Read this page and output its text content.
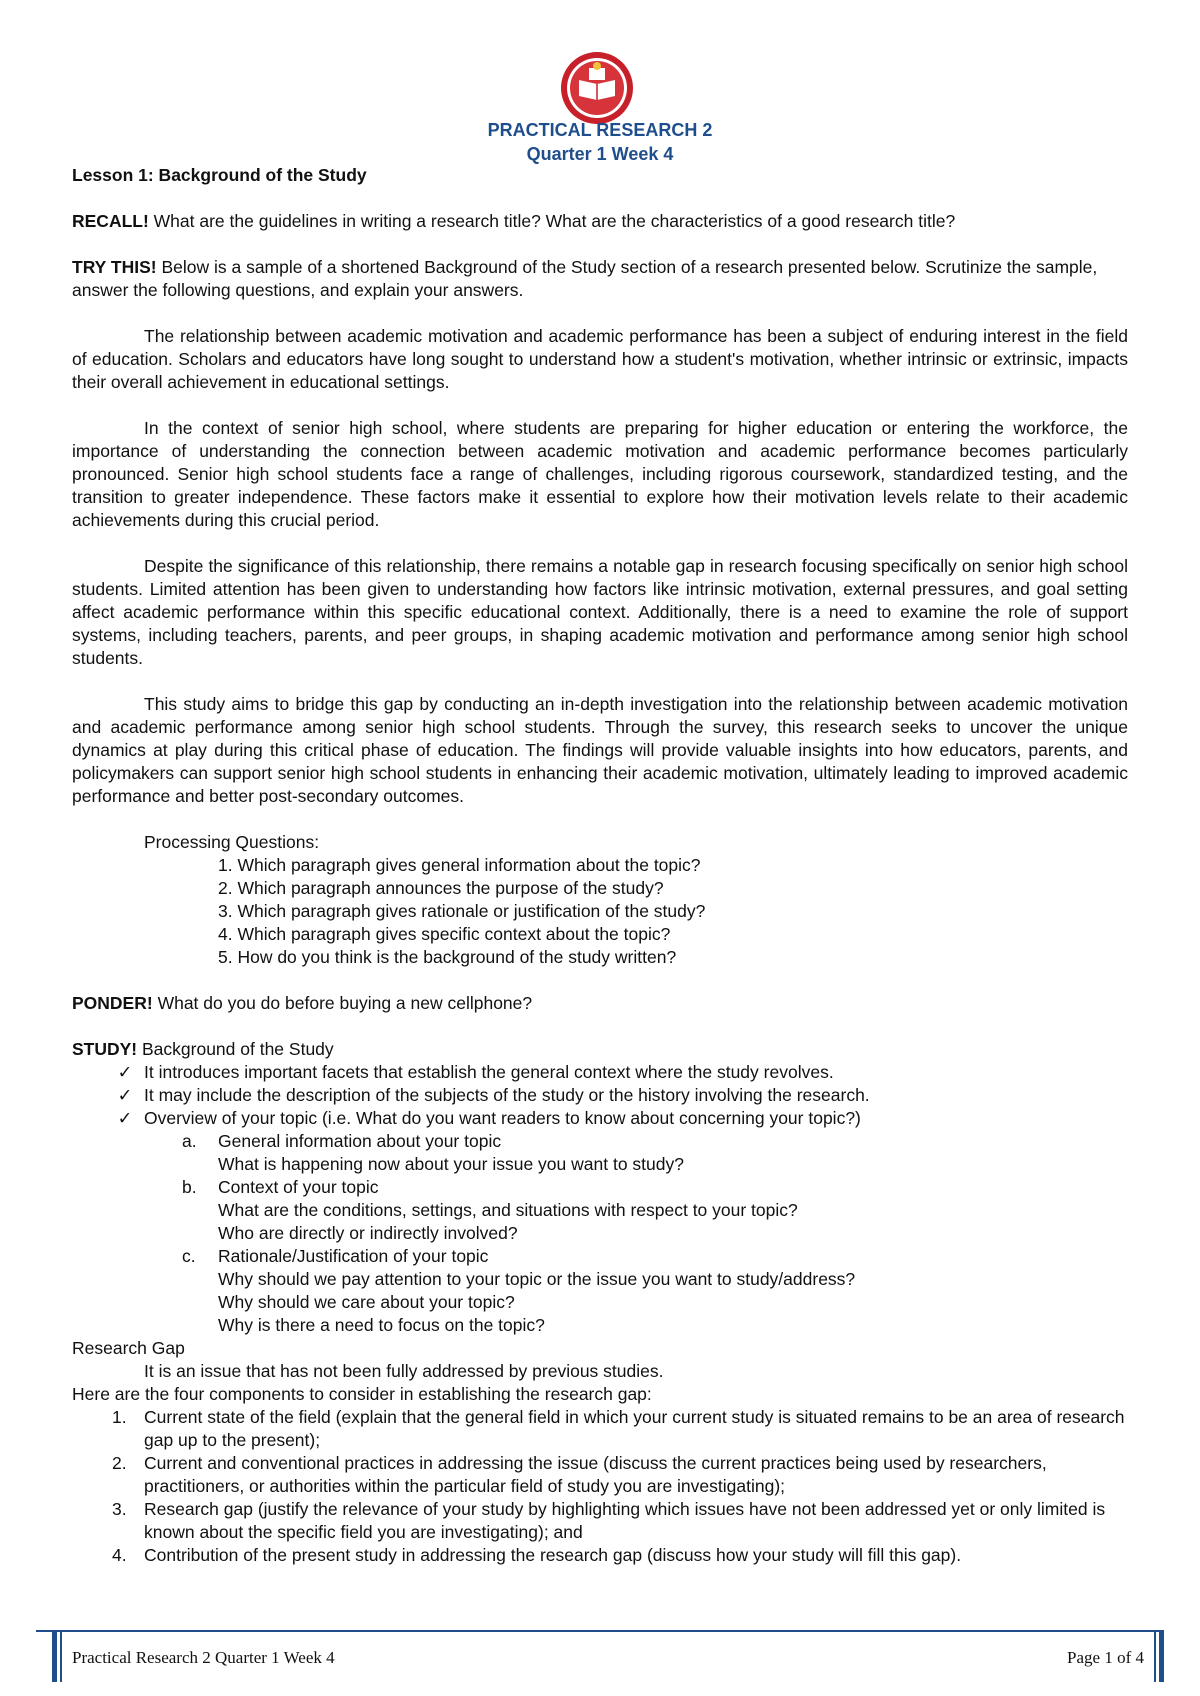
PRACTICAL RESEARCH 2
Quarter 1 Week 4

Lesson 1: Background of the Study

RECALL! What are the guidelines in writing a research title? What are the characteristics of a good research title?

TRY THIS! Below is a sample of a shortened Background of the Study section of a research presented below. Scrutinize the sample, answer the following questions, and explain your answers.

The relationship between academic motivation and academic performance has been a subject of enduring interest in the field of education. Scholars and educators have long sought to understand how a student's motivation, whether intrinsic or extrinsic, impacts their overall achievement in educational settings.

In the context of senior high school, where students are preparing for higher education or entering the workforce, the importance of understanding the connection between academic motivation and academic performance becomes particularly pronounced. Senior high school students face a range of challenges, including rigorous coursework, standardized testing, and the transition to greater independence. These factors make it essential to explore how their motivation levels relate to their academic achievements during this crucial period.

Despite the significance of this relationship, there remains a notable gap in research focusing specifically on senior high school students. Limited attention has been given to understanding how factors like intrinsic motivation, external pressures, and goal setting affect academic performance within this specific educational context. Additionally, there is a need to examine the role of support systems, including teachers, parents, and peer groups, in shaping academic motivation and performance among senior high school students.

This study aims to bridge this gap by conducting an in-depth investigation into the relationship between academic motivation and academic performance among senior high school students. Through the survey, this research seeks to uncover the unique dynamics at play during this critical phase of education. The findings will provide valuable insights into how educators, parents, and policymakers can support senior high school students in enhancing their academic motivation, ultimately leading to improved academic performance and better post-secondary outcomes.

Processing Questions:

1. Which paragraph gives general information about the topic?

2. Which paragraph announces the purpose of the study?

3. Which paragraph gives rationale or justification of the study?

4. Which paragraph gives specific context about the topic?

5. How do you think is the background of the study written?

PONDER! What do you do before buying a new cellphone?

STUDY! Background of the Study

✓ It introduces important facets that establish the general context where the study revolves.

✓ It may include the description of the subjects of the study or the history involving the research.

✓ Overview of your topic (i.e. What do you want readers to know about concerning your topic?)

a. General information about your topic

What is happening now about your issue you want to study?

b. Context of your topic

What are the conditions, settings, and situations with respect to your topic?

Who are directly or indirectly involved?

c. Rationale/Justification of your topic

Why should we pay attention to your topic or the issue you want to study/address?

Why should we care about your topic?

Why is there a need to focus on the topic?

Research Gap

It is an issue that has not been fully addressed by previous studies.

Here are the four components to consider in establishing the research gap:

1. Current state of the field (explain that the general field in which your current study is situated remains to be an area of research gap up to the present);

2. Current and conventional practices in addressing the issue (discuss the current practices being used by researchers, practitioners, or authorities within the particular field of study you are investigating);

3. Research gap (justify the relevance of your study by highlighting which issues have not been addressed yet or only limited is known about the specific field you are investigating); and

4. Contribution of the present study in addressing the research gap (discuss how your study will fill this gap).

Practical Research 2 Quarter 1 Week 4	Page 1 of 4
